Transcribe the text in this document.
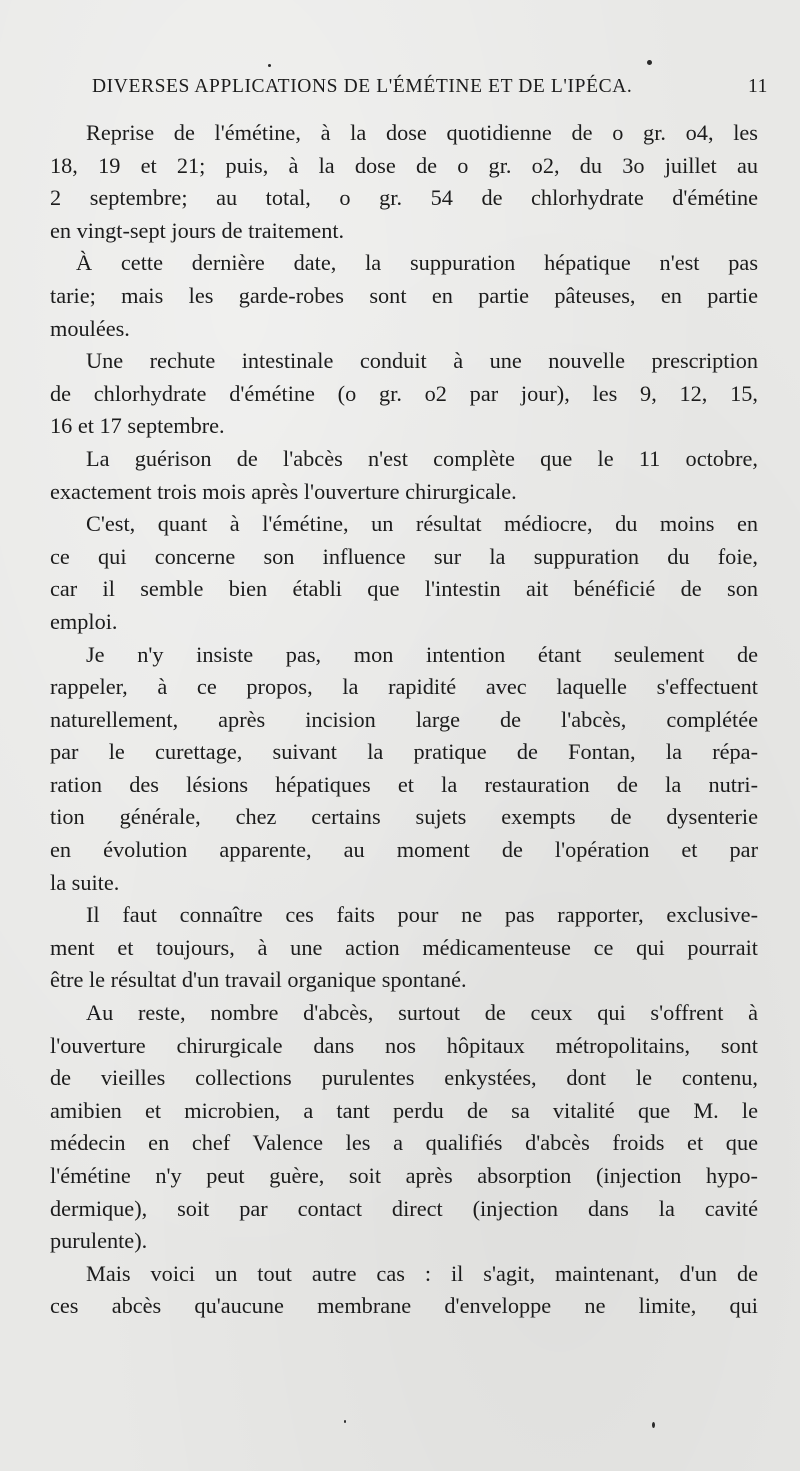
DIVERSES APPLICATIONS DE L'ÉMÉTINE ET DE L'IPÉCA.	11
Reprise de l'émétine, à la dose quotidienne de o gr. o4, les
18, 19 et 21; puis, à la dose de o gr. o2, du 3o juillet au
2 septembre; au total, o gr. 54 de chlorhydrate d'émétine
en vingt-sept jours de traitement.
À cette dernière date, la suppuration hépatique n'est pas
tarie; mais les garde-robes sont en partie pâteuses, en partie
moulées.
Une rechute intestinale conduit à une nouvelle prescription
de chlorhydrate d'émétine (o gr. o2 par jour), les 9, 12, 15,
16 et 17 septembre.
La guérison de l'abcès n'est complète que le 11 octobre,
exactement trois mois après l'ouverture chirurgicale.
C'est, quant à l'émétine, un résultat médiocre, du moins en
ce qui concerne son influence sur la suppuration du foie,
car il semble bien établi que l'intestin ait bénéficié de son
emploi.
Je n'y insiste pas, mon intention étant seulement de
rappeler, à ce propos, la rapidité avec laquelle s'effectuent
naturellement, après incision large de l'abcès, complétée
par le curettage, suivant la pratique de Fontan, la répa-
ration des lésions hépatiques et la restauration de la nutri-
tion générale, chez certains sujets exempts de dysenterie
en évolution apparente, au moment de l'opération et par
la suite.
Il faut connaître ces faits pour ne pas rapporter, exclusive-
ment et toujours, à une action médicamenteuse ce qui pourrait
être le résultat d'un travail organique spontané.
Au reste, nombre d'abcès, surtout de ceux qui s'offrent à
l'ouverture chirurgicale dans nos hôpitaux métropolitains, sont
de vieilles collections purulentes enkystées, dont le contenu,
amibien et microbien, a tant perdu de sa vitalité que M. le
médecin en chef Valence les a qualifiés d'abcès froids et que
l'émétine n'y peut guère, soit après absorption (injection hypo-
dermique), soit par contact direct (injection dans la cavité
purulente).
Mais voici un tout autre cas : il s'agit, maintenant, d'un de
ces abcès qu'aucune membrane d'enveloppe ne limite, qui
